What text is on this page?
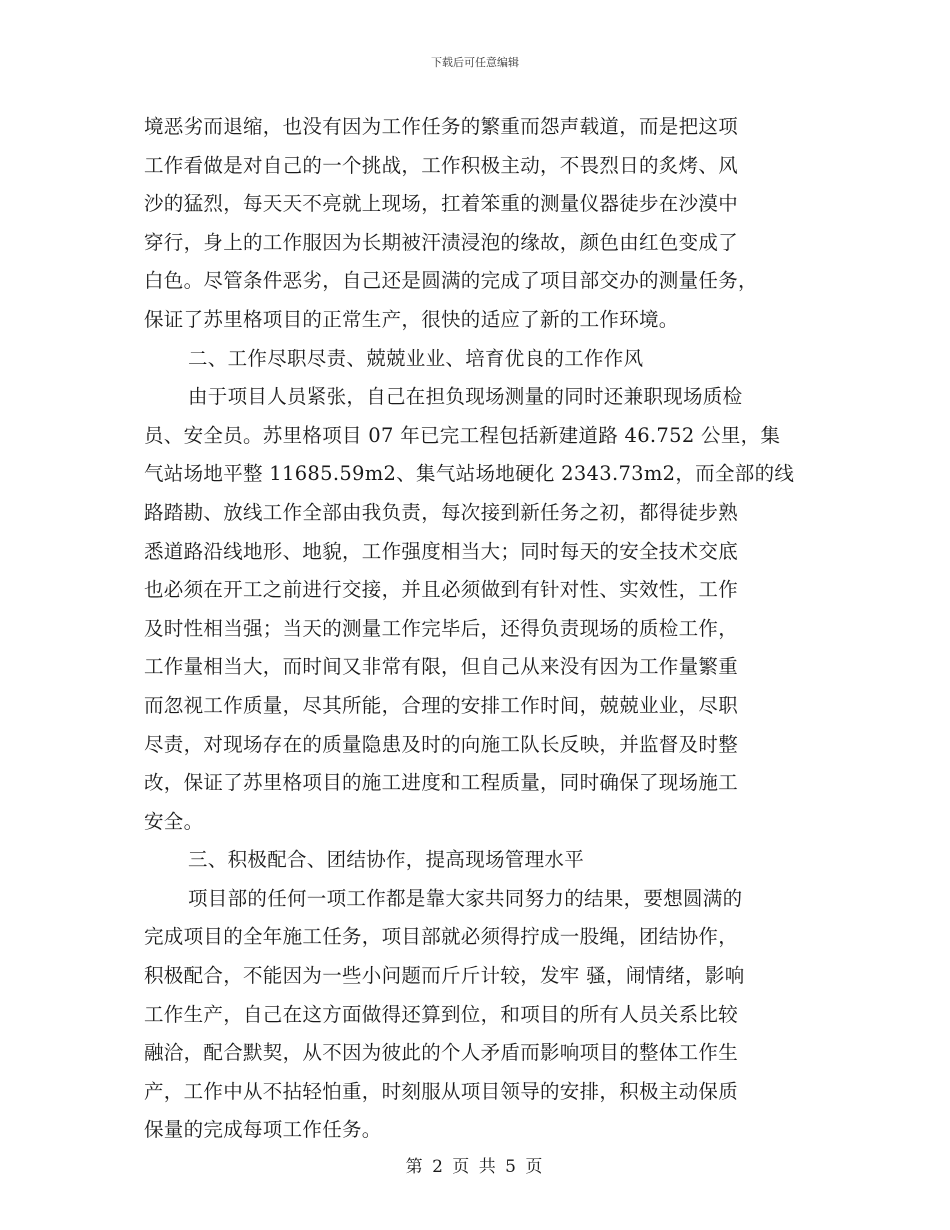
下载后可任意编辑
境恶劣而退缩，也没有因为工作任务的繁重而怨声载道，而是把这项
工作看做是对自己的一个挑战，工作积极主动，不畏烈日的炙烤、风
沙的猛烈，每天天不亮就上现场，扛着笨重的测量仪器徒步在沙漠中
穿行，身上的工作服因为长期被汗渍浸泡的缘故，颜色由红色变成了
白色。尽管条件恶劣，自己还是圆满的完成了项目部交办的测量任务，
保证了苏里格项目的正常生产，很快的适应了新的工作环境。
二、工作尽职尽责、兢兢业业、培育优良的工作作风
由于项目人员紧张，自己在担负现场测量的同时还兼职现场质检
员、安全员。苏里格项目 07 年已完工程包括新建道路 46.752 公里，集
气站场地平整 11685.59m2、集气站场地硬化 2343.73m2，而全部的线
路踏勘、放线工作全部由我负责，每次接到新任务之初，都得徒步熟
悉道路沿线地形、地貌，工作强度相当大；同时每天的安全技术交底
也必须在开工之前进行交接，并且必须做到有针对性、实效性，工作
及时性相当强；当天的测量工作完毕后，还得负责现场的质检工作，
工作量相当大，而时间又非常有限，但自己从来没有因为工作量繁重
而忽视工作质量，尽其所能，合理的安排工作时间，兢兢业业，尽职
尽责，对现场存在的质量隐患及时的向施工队长反映，并监督及时整
改，保证了苏里格项目的施工进度和工程质量，同时确保了现场施工
安全。
三、积极配合、团结协作，提高现场管理水平
项目部的任何一项工作都是靠大家共同努力的结果，要想圆满的
完成项目的全年施工任务，项目部就必须得拧成一股绳，团结协作，
积极配合，不能因为一些小问题而斤斤计较，发牢 骚，闹情绪，影响
工作生产，自己在这方面做得还算到位，和项目的所有人员关系比较
融洽，配合默契，从不因为彼此的个人矛盾而影响项目的整体工作生
产，工作中从不拈轻怕重，时刻服从项目领导的安排，积极主动保质
保量的完成每项工作任务。
第 2 页 共 5 页
